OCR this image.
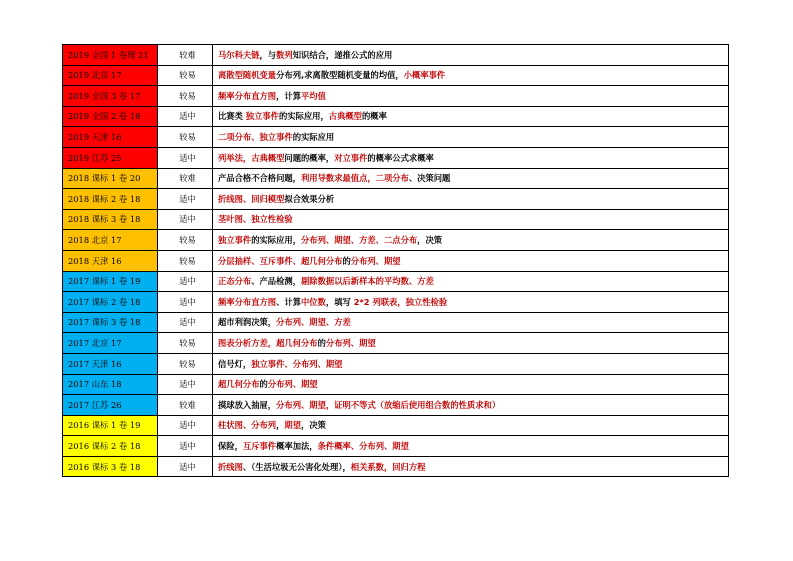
2019 全国 1 卷理 21	较难	马尔科夫链，与数列知识结合，递推公式的应用
2019 北京 17	较易	离散型随机变量分布列,求离散型随机变量的均值，小概率事件
2019 全国 3 卷 17	较易	频率分布直方图，计算平均值
2019 全国 2 卷 18	适中	比赛类 独立事件的实际应用，古典概型的概率
2019 天津 16	较易	二项分布、独立事件的实际应用
2019 江苏 25	适中	列举法，古典概型问题的概率，对立事件的概率公式求概率
2018 课标 1 卷 20	较难	产品合格不合格问题，利用导数求最值点，二项分布、决策问题
2018 课标 2 卷 18	适中	折线图、回归模型拟合效果分析
2018 课标 3 卷 18	适中	茎叶图、独立性检验
2018 北京 17	较易	独立事件的实际应用，分布列、期望、方差、二点分布，决策
2018 天津 16	较易	分层抽样、互斥事件、超几何分布的分布列、期望
2017 课标 1 卷 19	适中	正态分布、产品检测，剔除数据以后新样本的平均数、方差
2017 课标 2 卷 18	适中	频率分布直方图、计算中位数，填写 2*2 列联表，独立性检验
2017 课标 3 卷 18	适中	超市利润决策，分布列、期望、方差
2017 北京 17	较易	图表分析方差，超几何分布的分布列、期望
2017 天津 16	较易	信号灯，独立事件、分布列、期望
2017 山东 18	适中	超几何分布的分布列、期望
2017 江苏 26	较难	摸球放入抽屉，分布列、期望，证明不等式（放缩后使用组合数的性质求和）
2016 课标 1 卷 19	适中	柱状图、分布列，期望，决策
2016 课标 2 卷 18	适中	保险，互斥事件概率加法，条件概率、分布列、期望
2016 课标 3 卷 18	适中	折线图、（生活垃圾无公害化处理），相关系数，回归方程
